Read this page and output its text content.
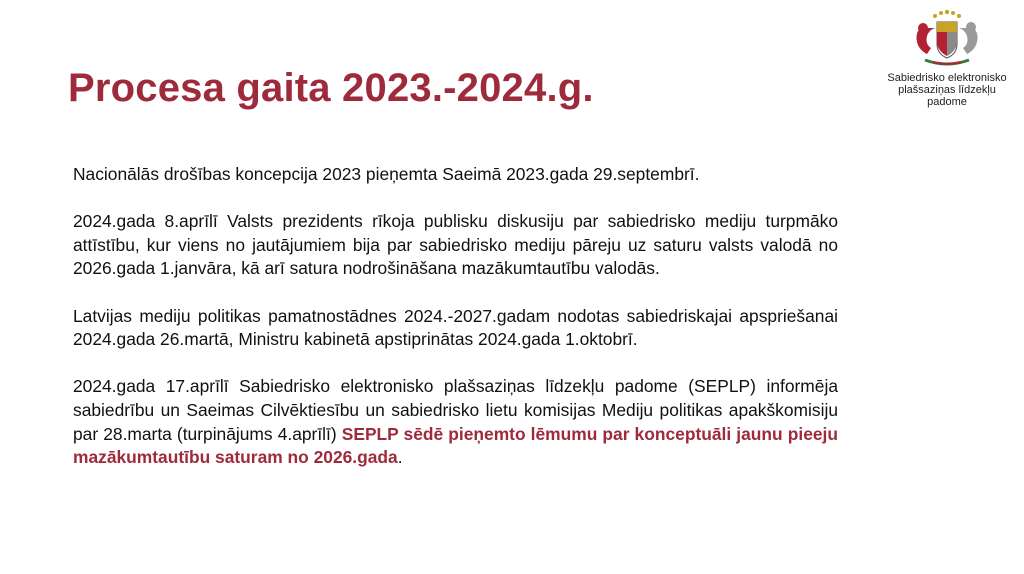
Procesa gaita 2023.-2024.g.	Sabiedrisko elektronisko
plašsaziņas līdzekļu
padome

Nacionālās drošības koncepcija 2023 pieņemta Saeimā 2023.gada 29.septembrī.

2024.gada 8.aprīlī Valsts prezidents rīkoja publisku diskusiju par sabiedrisko mediju turpmāko attīstību, kur viens no jautājumiem bija par sabiedrisko mediju pāreju uz saturu valsts valodā no 2026.gada 1.janvāra, kā arī satura nodrošināšana mazākumtautību valodās.

Latvijas mediju politikas pamatnostādnes 2024.-2027.gadam nodotas sabiedriskajai apspriešanai 2024.gada 26.martā, Ministru kabinetā apstiprinātas 2024.gada 1.oktobrī.

2024.gada 17.aprīlī Sabiedrisko elektronisko plašsaziņas līdzekļu padome (SEPLP) informēja sabiedrību un Saeimas Cilvēktiesību un sabiedrisko lietu komisijas Mediju politikas apakškomisiju par 28.marta (turpinājums 4.aprīlī) SEPLP sēdē pieņemto lēmumu par konceptuāli jaunu pieeju mazākumtautību saturam no 2026.gada.
